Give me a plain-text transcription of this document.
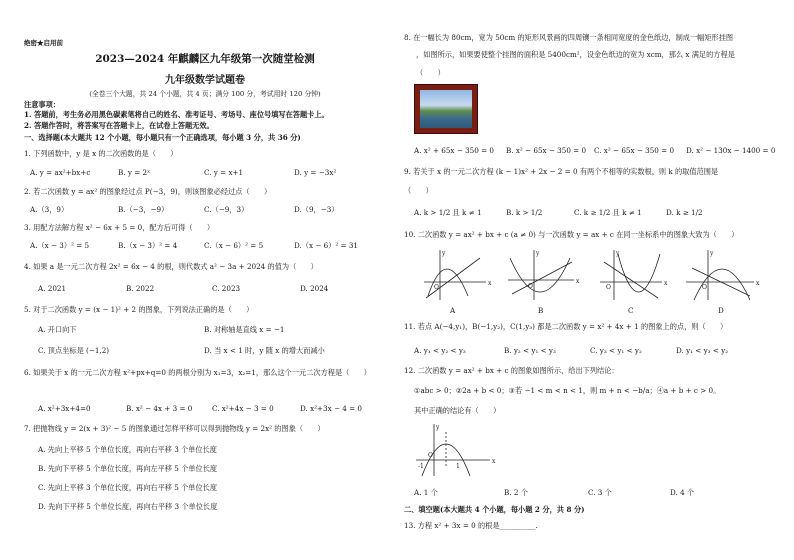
绝密★启用前
2023—2024 年麒麟区九年级第一次随堂检测
九年级数学试题卷
(全卷三个大题，共 24 个小题，共 4 页；满分 100 分，考试用时 120 分钟)
注意事项：
1. 答题前，考生务必用黑色碳素笔将自己的姓名、准考证号、考场号、座位号填写在答题卡上。
2. 答题作答时，将答案写在答题卡上，在试卷上答题无效。
一、选择题(本大题共 12 个小题，每小题只有一个正确选项，每小题 3 分，共 36 分)
1. 下列函数中，y 是 x 的二次函数的是（　　）
A. y = ax²+bx+c	B. y = 2ˣ	C. y = x+1	D. y = −3x²
2. 若二次函数 y = ax² 的图象经过点 P(−3，9)，则该图象必经过点（　　）
A.（3，9）	B.（−3，−9）	C.（−9，3）	D.（9，−3）
3. 用配方法解方程 x² − 6x + 5 = 0，配方后可得（　　）
A.（x − 3）² = 5	B.（x − 3）² = 4	C.（x − 6）² = 5	D.（x − 6）² = 31
4. 如果 a 是一元二次方程 2x² = 6x − 4 的根，则代数式 a² − 3a + 2024 的值为（　　）
A. 2021	B. 2022	C. 2023	D. 2024
5. 对于二次函数 y = (x − 1)² + 2 的图象，下列说法正确的是（　　）
A. 开口向下	B. 对称轴是直线 x = −1
C. 顶点坐标是 (−1,2)	D. 当 x < 1 时，y 随 x 的增大而减小
6. 如果关于 x 的一元二次方程 x²+px+q=0 的两根分别为 x₁=3，x₂=1，那么这个一元二次方程是（　　）
A. x²+3x+4=0	B. x² − 4x + 3 = 0	C. x²+4x − 3 = 0	D. x²+3x − 4 = 0
7. 把抛物线 y = 2(x + 3)² − 5 的图象通过怎样平移可以得到抛物线 y = 2x² 的图象（　　）
A. 先向上平移 5 个单位长度，再向右平移 3 个单位长度
B. 先向下平移 5 个单位长度，再向左平移 5 个单位长度
C. 先向上平移 3 个单位长度，再向右平移 5 个单位长度
D. 先向下平移 5 个单位长度，再向右平移 3 个单位长度
8. 在一幅长为 80cm，宽为 50cm 的矩形风景画的四周镶一条相同宽度的金色纸边，制成一幅矩形挂图
，如图所示，如果要使整个挂图的面积是 5400cm²，设金色纸边的宽为 xcm，那么 x 满足的方程是
（　　）
A. x² + 65x − 350 = 0 B. x² − 65x − 350 = 0 C. x² − 65x − 350 = 0 D. x² − 130x − 1400 = 0
9. 若关于 x 的一元二次方程 (k − 1)x² + 2x − 2 = 0 有两个不相等的实数根，则 k 的取值范围是
（　　）
A. k > 1/2 且 k ≠ 1	B. k > 1/2	C. k ≥ 1/2 且 k ≠ 1	D. k ≥ 1/2
10. 二次函数 y = ax² + bx + c (a ≠ 0) 与一次函数 y = ax + c 在同一坐标系中的图象大致为（　　）
y
x
O
y
x
O
y
x
O
y
x
O
A	B	C	D
11. 若点 A(−4,y₁)，B(−1,y₂)，C(1,y₃) 都是二次函数 y = x² + 4x + 1 的图象上的点，则（　　）
A. y₁ < y₂ < y₃	B. y₂ < y₁ < y₃	C. y₃ < y₁ < y₂	D. y₁ < y₃ < y₂
12. 二次函数 y = ax² + bx + c 的图象如图所示，给出下列结论：
①abc > 0；②2a + b < 0；③若 −1 < m < n < 1，则 m + n < −b/a；④a + b + c > 0。
其中正确的结论有（　　）
y
x
O
-1	1
A. 1 个	B. 2 个	C. 3 个	D. 4 个
二、填空题(本大题共 4 个小题，每小题 2 分，共 8 分)
13. 方程 x² + 3x = 0 的根是__________.
